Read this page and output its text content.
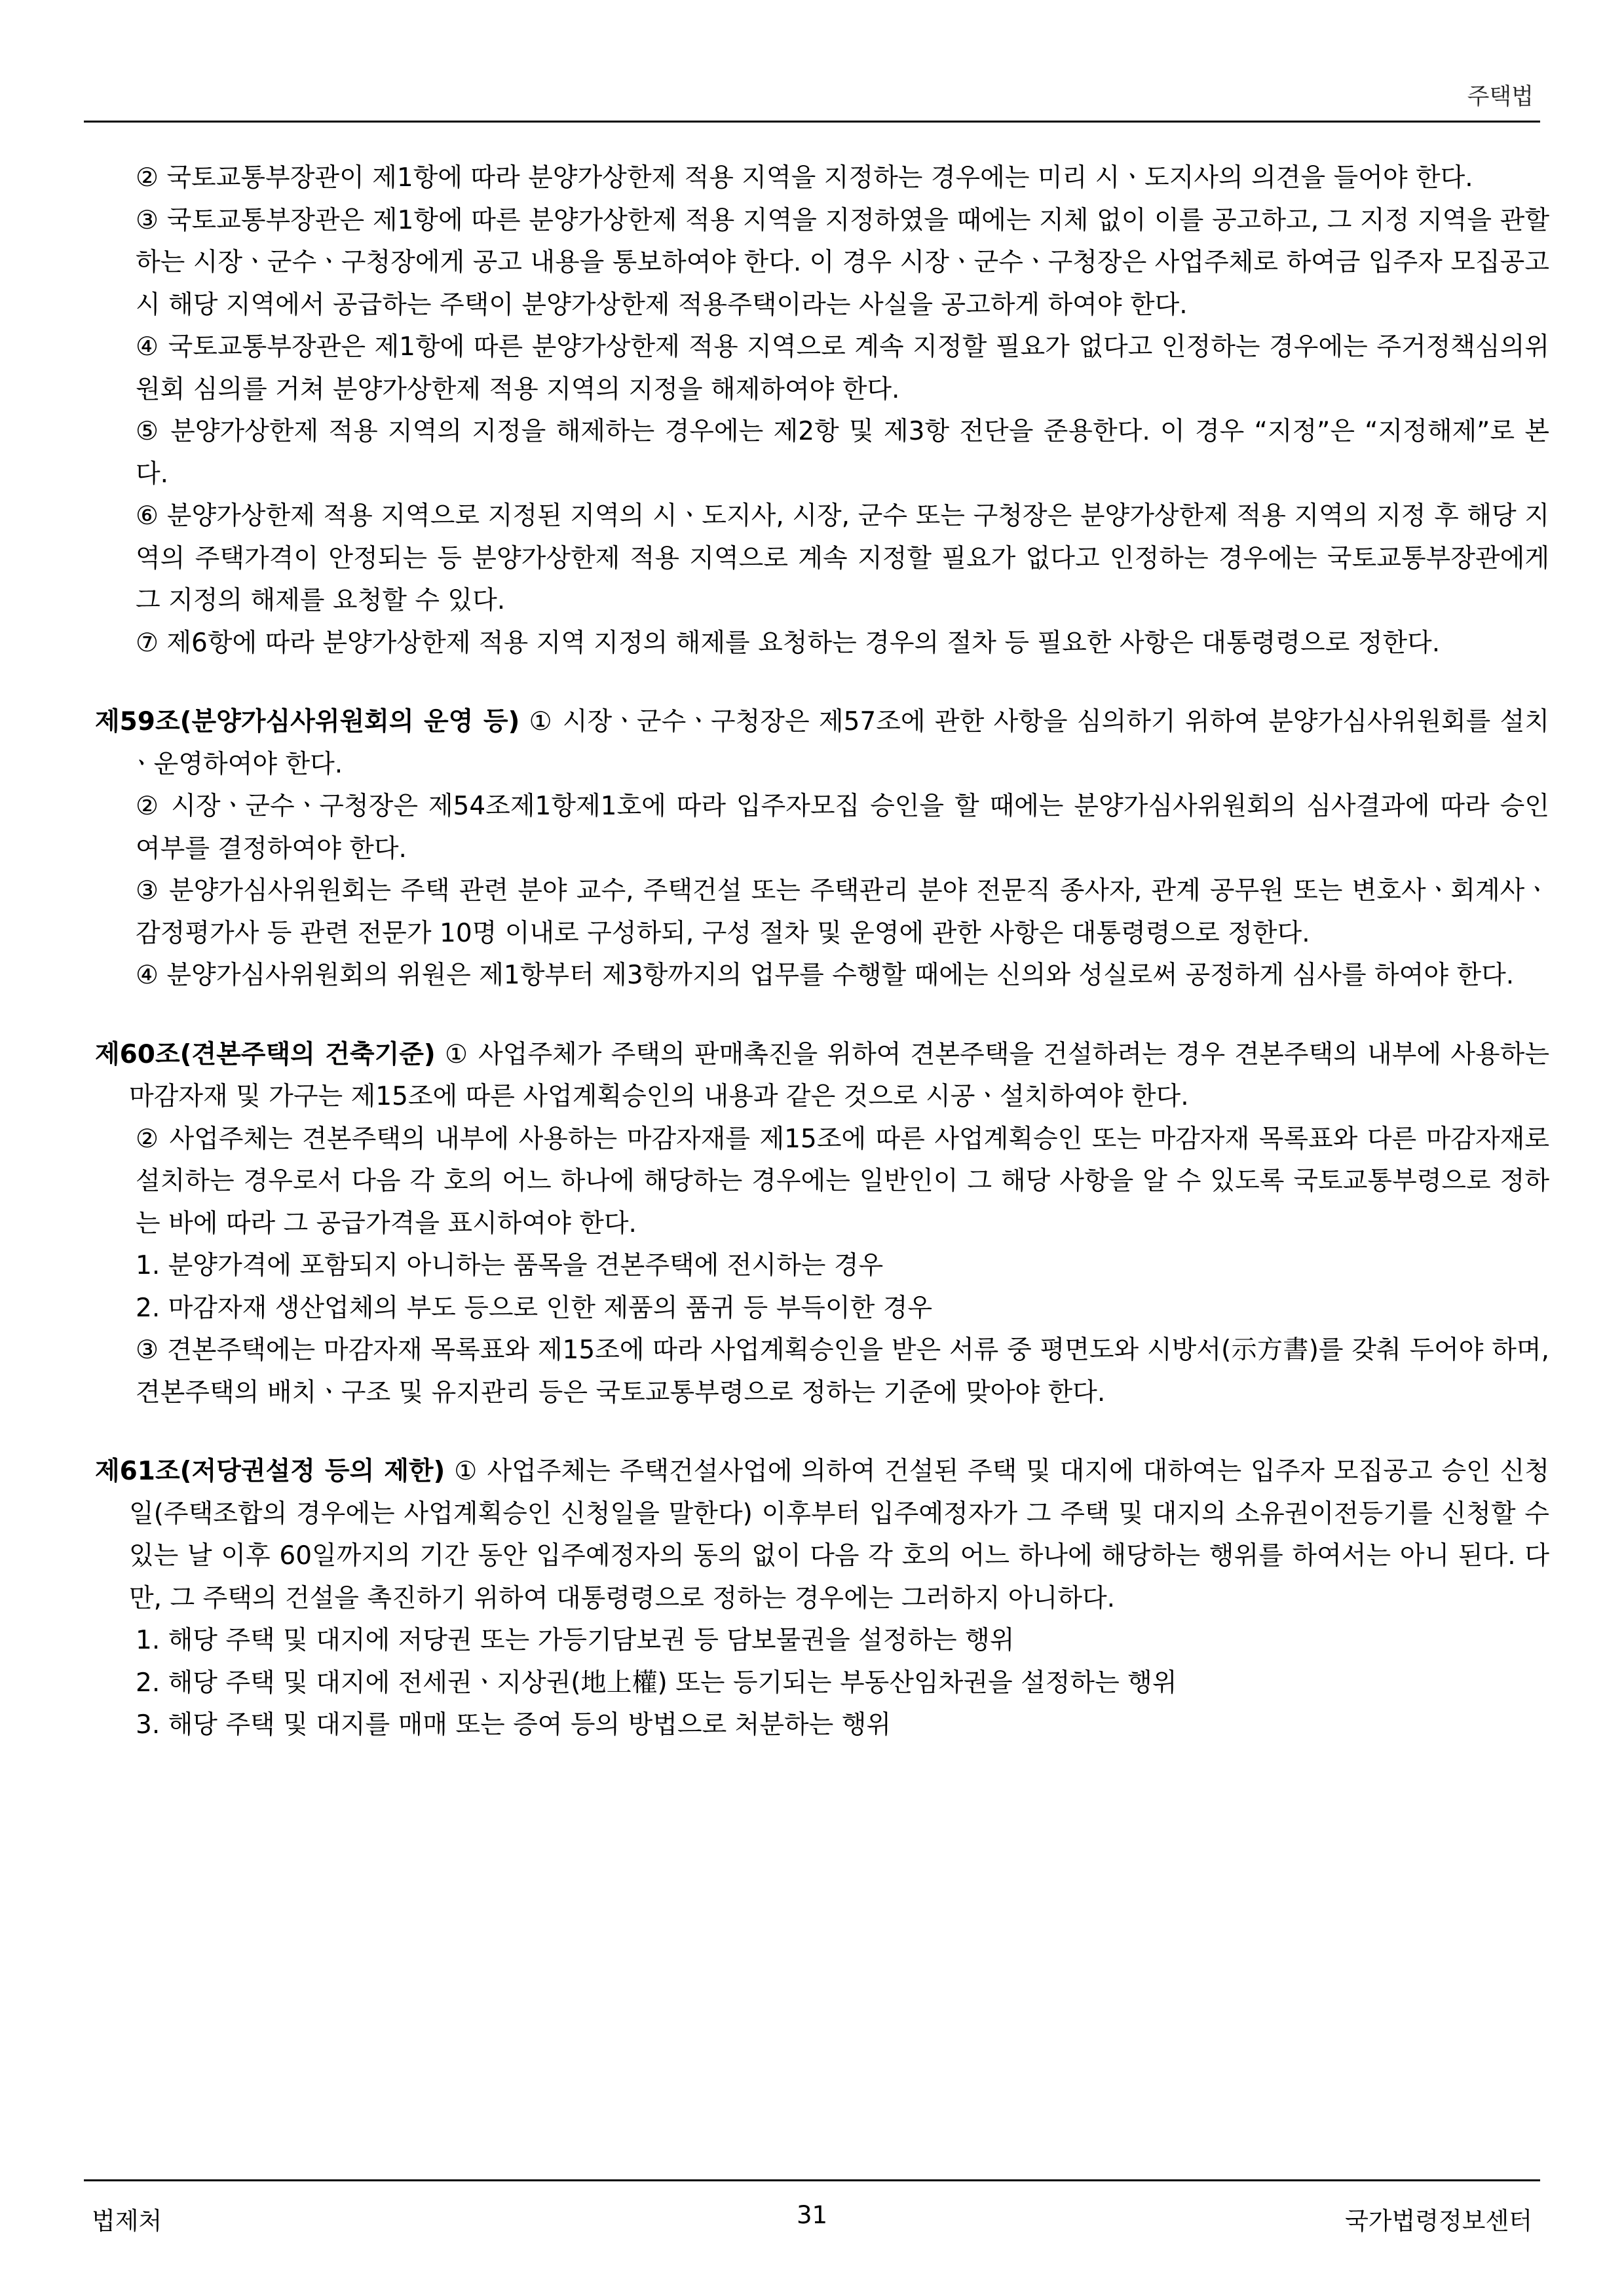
주택법

② 국토교통부장관이 제1항에 따라 분양가상한제 적용 지역을 지정하는 경우에는 미리 시ㆍ도지사의 의견을 들어야 한다.

③ 국토교통부장관은 제1항에 따른 분양가상한제 적용 지역을 지정하였을 때에는 지체 없이 이를 공고하고, 그 지정 지역을 관할하는 시장ㆍ군수ㆍ구청장에게 공고 내용을 통보하여야 한다. 이 경우 시장ㆍ군수ㆍ구청장은 사업주체로 하여금 입주자 모집공고 시 해당 지역에서 공급하는 주택이 분양가상한제 적용주택이라는 사실을 공고하게 하여야 한다.

④ 국토교통부장관은 제1항에 따른 분양가상한제 적용 지역으로 계속 지정할 필요가 없다고 인정하는 경우에는 주거정책심의위원회 심의를 거쳐 분양가상한제 적용 지역의 지정을 해제하여야 한다.

⑤ 분양가상한제 적용 지역의 지정을 해제하는 경우에는 제2항 및 제3항 전단을 준용한다. 이 경우 “지정”은 “지정해제”로 본다.

⑥ 분양가상한제 적용 지역으로 지정된 지역의 시ㆍ도지사, 시장, 군수 또는 구청장은 분양가상한제 적용 지역의 지정 후 해당 지역의 주택가격이 안정되는 등 분양가상한제 적용 지역으로 계속 지정할 필요가 없다고 인정하는 경우에는 국토교통부장관에게 그 지정의 해제를 요청할 수 있다.

⑦ 제6항에 따라 분양가상한제 적용 지역 지정의 해제를 요청하는 경우의 절차 등 필요한 사항은 대통령령으로 정한다.

제59조(분양가심사위원회의 운영 등) ① 시장ㆍ군수ㆍ구청장은 제57조에 관한 사항을 심의하기 위하여 분양가심사위원회를 설치ㆍ운영하여야 한다.

② 시장ㆍ군수ㆍ구청장은 제54조제1항제1호에 따라 입주자모집 승인을 할 때에는 분양가심사위원회의 심사결과에 따라 승인 여부를 결정하여야 한다.

③ 분양가심사위원회는 주택 관련 분야 교수, 주택건설 또는 주택관리 분야 전문직 종사자, 관계 공무원 또는 변호사ㆍ회계사ㆍ감정평가사 등 관련 전문가 10명 이내로 구성하되, 구성 절차 및 운영에 관한 사항은 대통령령으로 정한다.

④ 분양가심사위원회의 위원은 제1항부터 제3항까지의 업무를 수행할 때에는 신의와 성실로써 공정하게 심사를 하여야 한다.

제60조(견본주택의 건축기준) ① 사업주체가 주택의 판매촉진을 위하여 견본주택을 건설하려는 경우 견본주택의 내부에 사용하는 마감자재 및 가구는 제15조에 따른 사업계획승인의 내용과 같은 것으로 시공ㆍ설치하여야 한다.

② 사업주체는 견본주택의 내부에 사용하는 마감자재를 제15조에 따른 사업계획승인 또는 마감자재 목록표와 다른 마감자재로 설치하는 경우로서 다음 각 호의 어느 하나에 해당하는 경우에는 일반인이 그 해당 사항을 알 수 있도록 국토교통부령으로 정하는 바에 따라 그 공급가격을 표시하여야 한다.

1. 분양가격에 포함되지 아니하는 품목을 견본주택에 전시하는 경우

2. 마감자재 생산업체의 부도 등으로 인한 제품의 품귀 등 부득이한 경우

③ 견본주택에는 마감자재 목록표와 제15조에 따라 사업계획승인을 받은 서류 중 평면도와 시방서(示方書)를 갖춰 두어야 하며, 견본주택의 배치ㆍ구조 및 유지관리 등은 국토교통부령으로 정하는 기준에 맞아야 한다.

제61조(저당권설정 등의 제한) ① 사업주체는 주택건설사업에 의하여 건설된 주택 및 대지에 대하여는 입주자 모집공고 승인 신청일(주택조합의 경우에는 사업계획승인 신청일을 말한다) 이후부터 입주예정자가 그 주택 및 대지의 소유권이전등기를 신청할 수 있는 날 이후 60일까지의 기간 동안 입주예정자의 동의 없이 다음 각 호의 어느 하나에 해당하는 행위를 하여서는 아니 된다. 다만, 그 주택의 건설을 촉진하기 위하여 대통령령으로 정하는 경우에는 그러하지 아니하다.

1. 해당 주택 및 대지에 저당권 또는 가등기담보권 등 담보물권을 설정하는 행위

2. 해당 주택 및 대지에 전세권ㆍ지상권(地上權) 또는 등기되는 부동산임차권을 설정하는 행위

3. 해당 주택 및 대지를 매매 또는 증여 등의 방법으로 처분하는 행위

법제처	31	국가법령정보센터
